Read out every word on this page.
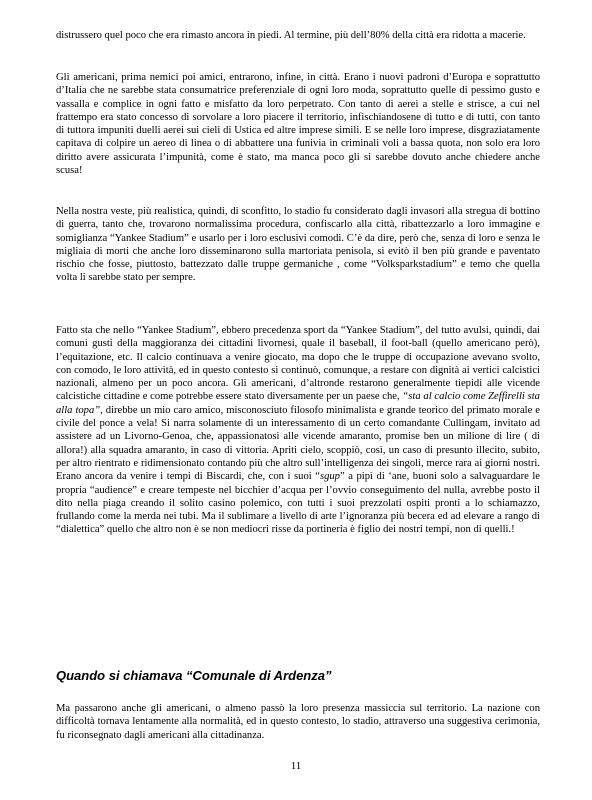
distrussero quel poco che era rimasto ancora in piedi. Al termine, più dell’80% della città era ridotta a macerie.

Gli americani, prima nemici poi amici, entrarono, infine, in città. Erano i nuovi padroni d’Europa e soprattutto d’Italia che ne sarebbe stata consumatrice preferenziale di ogni loro moda, soprattutto quelle di pessimo gusto e vassalla e complice in ogni fatto e misfatto da loro perpetrato. Con tanto di aerei a stelle e strisce, a cui nel frattempo era stato concesso di sorvolare a loro piacere il territorio, infischiandosene di tutto e di tutti, con tanto di tuttora impuniti duelli aerei sui cieli di Ustica ed altre imprese simili. E se nelle loro imprese, disgraziatamente capitava di colpire un aereo di linea o di abbattere una funivia in criminali voli a bassa quota, non solo era loro diritto avere assicurata l’impunità, come è stato, ma manca poco gli si sarebbe dovuto anche chiedere anche scusa!

Nella nostra veste, più realistica, quindi, di sconfitto, lo stadio fu considerato dagli invasori alla stregua di bottino di guerra, tanto che, trovarono normalissima procedura, confiscarlo alla città, ribattezzarlo a loro immagine e somiglianza “Yankee Stadium” e usarlo per i loro esclusivi comodi. C’è da dire, però che, senza di loro e senza le migliaia di morti che anche loro disseminarono sulla martoriata penisola, si evitò il ben più grande e paventato rischio che fosse, piuttosto, battezzato dalle truppe germaniche , come “Volksparkstadium” e temo che quella volta li sarebbe stato per sempre.

Fatto sta che nello “Yankee Stadium”, ebbero precedenza sport da “Yankee Stadium”, del tutto avulsi, quindi, dai comuni gusti della maggioranza dei cittadini livornesi, quale il baseball, il foot-ball (quello americano però), l’equitazione, etc. Il calcio continuava a venire giocato, ma dopo che le truppe di occupazione avevano svolto, con comodo, le loro attività, ed in questo contesto si continuò, comunque, a restare con dignità ai vertici calcistici nazionali, almeno per un poco ancora. Gli americani, d’altronde restarono generalmente tiepidi alle vicende calcistiche cittadine e come potrebbe essere stato diversamente per un paese che, “sta al calcio come Zeffirelli sta alla topa”, direbbe un mio caro amico, misconosciuto filosofo minimalista e grande teorico del primato morale e civile del ponce a vela! Si narra solamente di un interessamento di un certo comandante Cullingam, invitato ad assistere ad un Livorno-Genoa, che, appassionatosi alle vicende amaranto, promise ben un milione di lire ( di allora!) alla squadra amaranto, in caso di vittoria. Apriti cielo, scoppiò, così, un caso di presunto illecito, subito, per altro rientrato e ridimensionato contando più che altro sull’intelligenza dei singoli, merce rara ai giorni nostri. Erano ancora da venire i tempi di Biscardi, che, con i suoi “sgup” a pipì di ‘ane, buoni solo a salvaguardare le propria “audience” e creare tempeste nel bicchier d’acqua per l’ovvio conseguimento del nulla, avrebbe posto il dito nella piaga creando il solito casino polemico, con tutti i suoi prezzolati ospiti pronti a lo schiamazzo, frullando come la merda nei tubi. Ma il sublimare a livello di arte l’ignoranza più becera ed ad elevare a rango di “dialettica” quello che altro non è se non mediocri risse da portineria è figlio dei nostri tempi, non di quelli.!

Quando si chiamava “Comunale di Ardenza”

Ma passarono anche gli americani, o almeno passò la loro presenza massiccia sul territorio. La nazione con difficoltà tornava lentamente alla normalità, ed in questo contesto, lo stadio, attraverso una suggestiva cerimonia, fu riconsegnato dagli americani alla cittadinanza.

11
